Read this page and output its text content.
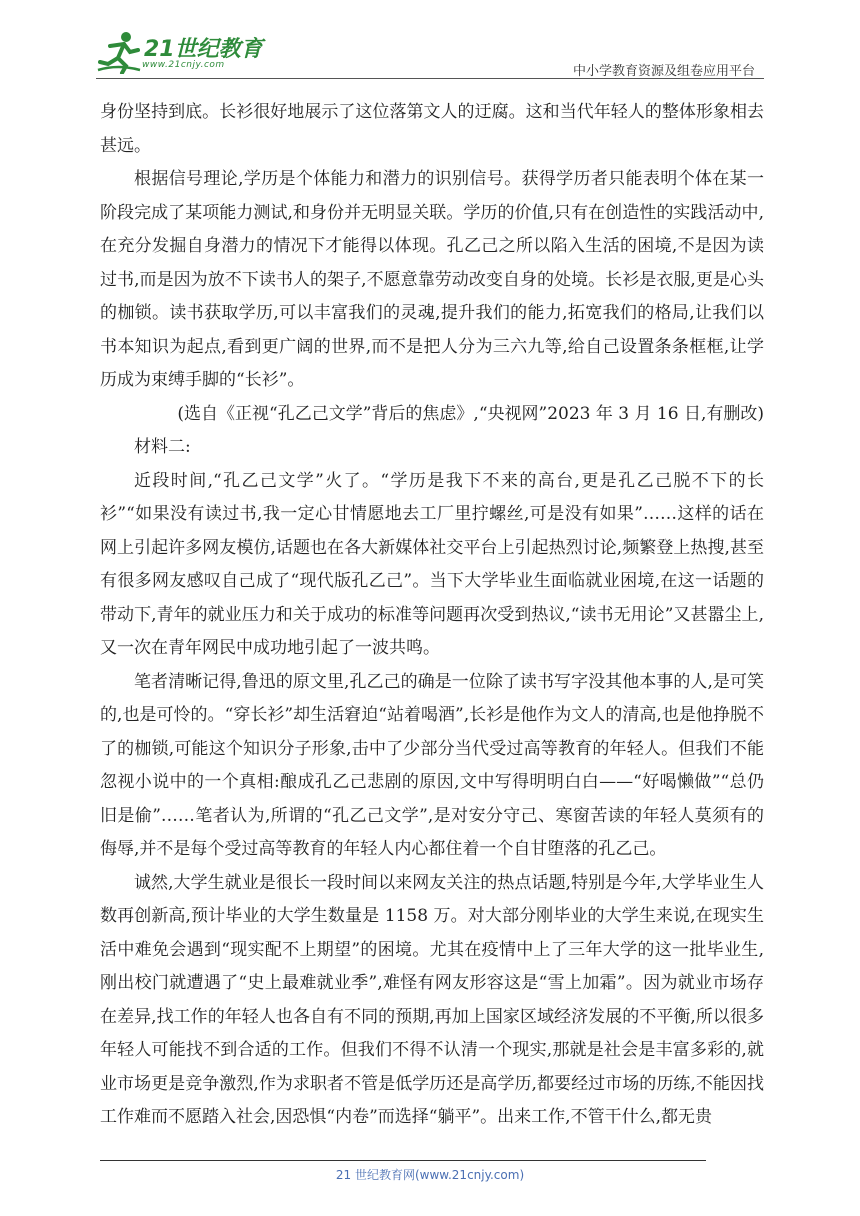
21世纪教育
www.21cnjy.com	中小学教育资源及组卷应用平台

身份坚持到底。长衫很好地展示了这位落第文人的迂腐。这和当代年轻人的整体形象相去甚远。

根据信号理论,学历是个体能力和潜力的识别信号。获得学历者只能表明个体在某一阶段完成了某项能力测试,和身份并无明显关联。学历的价值,只有在创造性的实践活动中,在充分发掘自身潜力的情况下才能得以体现。孔乙己之所以陷入生活的困境,不是因为读过书,而是因为放不下读书人的架子,不愿意靠劳动改变自身的处境。长衫是衣服,更是心头的枷锁。读书获取学历,可以丰富我们的灵魂,提升我们的能力,拓宽我们的格局,让我们以书本知识为起点,看到更广阔的世界,而不是把人分为三六九等,给自己设置条条框框,让学历成为束缚手脚的“长衫”。

(选自《正视“孔乙己文学”背后的焦虑》,“央视网”2023 年 3 月 16 日,有删改)

材料二:

近段时间,“孔乙己文学”火了。“学历是我下不来的高台,更是孔乙己脱不下的长衫”“如果没有读过书,我一定心甘情愿地去工厂里拧螺丝,可是没有如果”……这样的话在网上引起许多网友模仿,话题也在各大新媒体社交平台上引起热烈讨论,频繁登上热搜,甚至有很多网友感叹自己成了“现代版孔乙己”。当下大学毕业生面临就业困境,在这一话题的带动下,青年的就业压力和关于成功的标准等问题再次受到热议,“读书无用论”又甚嚣尘上,又一次在青年网民中成功地引起了一波共鸣。

笔者清晰记得,鲁迅的原文里,孔乙己的确是一位除了读书写字没其他本事的人,是可笑的,也是可怜的。“穿长衫”却生活窘迫“站着喝酒”,长衫是他作为文人的清高,也是他挣脱不了的枷锁,可能这个知识分子形象,击中了少部分当代受过高等教育的年轻人。但我们不能忽视小说中的一个真相:酿成孔乙己悲剧的原因,文中写得明明白白——“好喝懒做”“总仍旧是偷”……笔者认为,所谓的“孔乙己文学”,是对安分守己、寒窗苦读的年轻人莫须有的侮辱,并不是每个受过高等教育的年轻人内心都住着一个自甘堕落的孔乙己。

诚然,大学生就业是很长一段时间以来网友关注的热点话题,特别是今年,大学毕业生人数再创新高,预计毕业的大学生数量是 1158 万。对大部分刚毕业的大学生来说,在现实生活中难免会遇到“现实配不上期望”的困境。尤其在疫情中上了三年大学的这一批毕业生,刚出校门就遭遇了“史上最难就业季”,难怪有网友形容这是“雪上加霜”。因为就业市场存在差异,找工作的年轻人也各自有不同的预期,再加上国家区域经济发展的不平衡,所以很多年轻人可能找不到合适的工作。但我们不得不认清一个现实,那就是社会是丰富多彩的,就业市场更是竞争激烈,作为求职者不管是低学历还是高学历,都要经过市场的历练,不能因找工作难而不愿踏入社会,因恐惧“内卷”而选择“躺平”。出来工作,不管干什么,都无贵

21 世纪教育网(www.21cnjy.com)
